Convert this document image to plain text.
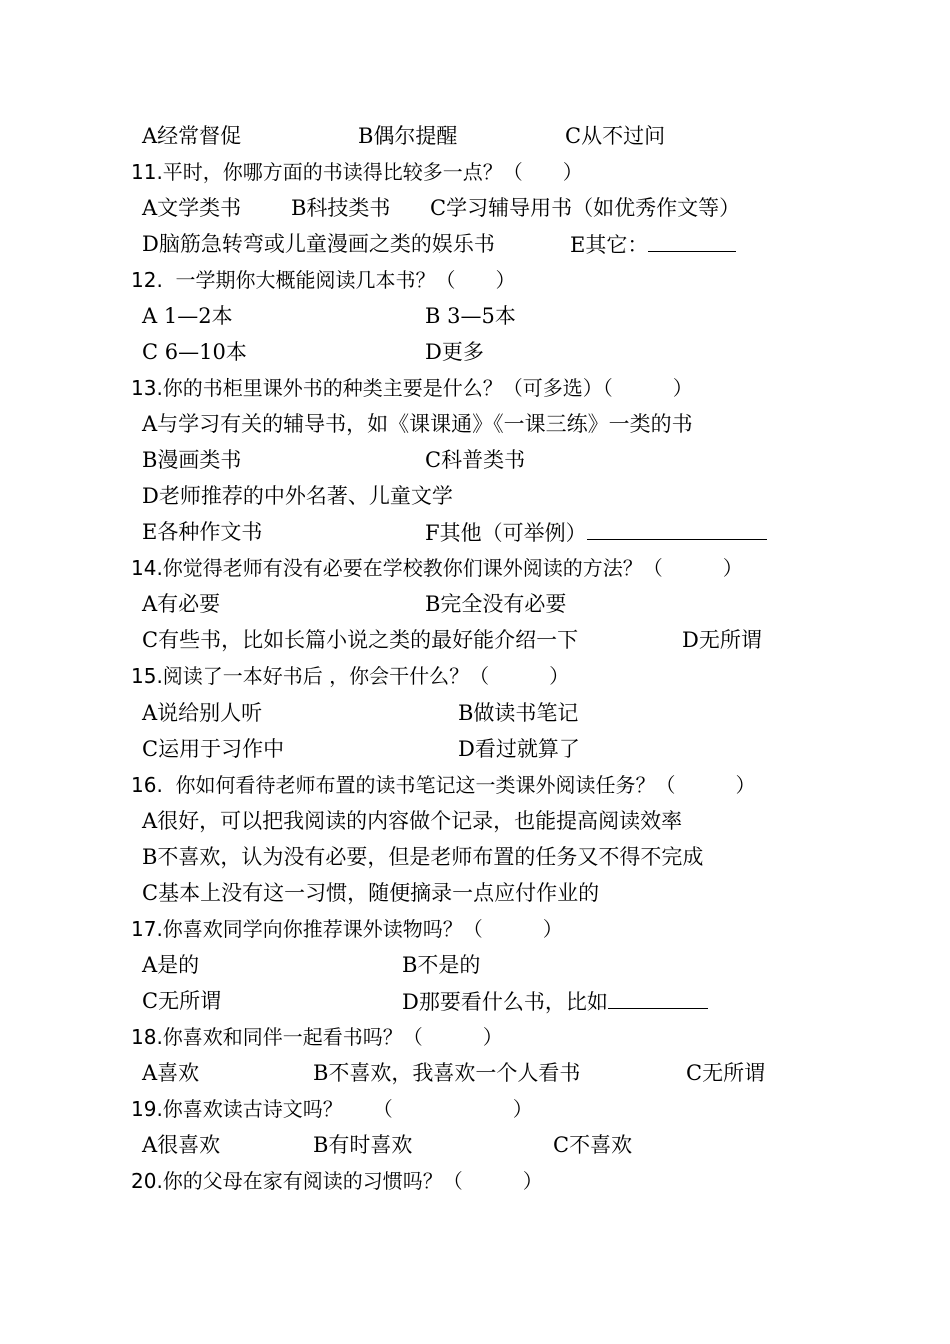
A经常督促	B偶尔提醒	C从不过问
11.平时，你哪方面的书读得比较多一点？（　　）
A文学类书 B科技类书 C学习辅导用书（如优秀作文等）
D脑筋急转弯或儿童漫画之类的娱乐书	E其它：
12.  一学期你大概能阅读几本书？（　　）
A 1—2本	B 3—5本
C 6—10本	D更多
13.你的书柜里课外书的种类主要是什么？（可多选）（　　　）
A与学习有关的辅导书，如《课课通》《一课三练》一类的书
B漫画类书	C科普类书
D老师推荐的中外名著、儿童文学
E各种作文书	F其他（可举例）
14.你觉得老师有没有必要在学校教你们课外阅读的方法？（　　　）
A有必要	B完全没有必要
C有些书，比如长篇小说之类的最好能介绍一下	D无所谓
15.阅读了一本好书后 ，你会干什么？（　　　）
A说给别人听	B做读书笔记
C运用于习作中	D看过就算了
16.  你如何看待老师布置的读书笔记这一类课外阅读任务？（　　　）
A很好，可以把我阅读的内容做个记录，也能提高阅读效率
B不喜欢，认为没有必要，但是老师布置的任务又不得不完成
C基本上没有这一习惯，随便摘录一点应付作业的
17.你喜欢同学向你推荐课外读物吗？（　　　）
A是的	B不是的
C无所谓	D那要看什么书，比如
18.你喜欢和同伴一起看书吗？（　　　）
A喜欢	B不喜欢，我喜欢一个人看书	C无所谓
19.你喜欢读古诗文吗？　　（　　　　　　）
A很喜欢	B有时喜欢	C不喜欢
20.你的父母在家有阅读的习惯吗？（　　　）
